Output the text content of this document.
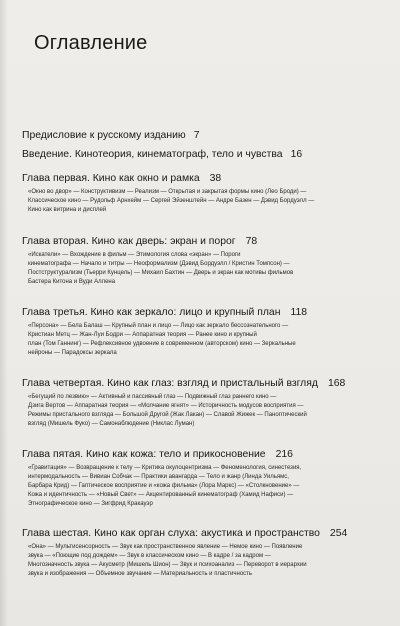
Оглавление
Предисловие к русскому изданию 7
Введение. Кинотеория, кинематограф, тело и чувства 16
Глава первая. Кино как окно и рамка 38
«Окно во двор» — Конструктивизм — Реализм — Открытая и закрытая формы кино (Лео Броди) —
Классическое кино — Рудольф Арнхейм — Сергей Эйзенштейн — Андре Базен — Дэвид Бордуэлл —
Кино как витрина и дисплей
Глава вторая. Кино как дверь: экран и порог 78
«Искатели» — Вхождение в фильм — Этимология слова «экран» — Пороги
кинематографа — Начало и титры — Неоформализм (Дэвид Бордуэлл / Кристин Томпсон) —
Постструктурализм (Тьерри Кунцель) — Михаил Бахтин — Дверь и экран как мотивы фильмов
Бастера Китона и Вуди Аллена
Глава третья. Кино как зеркало: лицо и крупный план 118
«Персона» — Бела Балаш — Крупный план и лицо — Лицо как зеркало бессознательного —
Кристиан Метц — Жан-Луи Бодри — Аппаратная теория — Ранее кино и крупный
план (Том Ганнинг) — Рефлексивное удвоение в современном (авторском) кино — Зеркальные
нейроны — Парадоксы зеркала
Глава четвертая. Кино как глаз: взгляд и пристальный взгляд 168
«Бегущий по лезвию» — Активный и пассивный глаз — Подвижный глаз раннего кино —
Дзига Вертов — Аппаратная теория — «Молчание ягнят» — Историчность модусов восприятия —
Режимы пристального взгляда — Большой Другой (Жак Лакан) — Славой Жижек — Паноптический
взгляд (Мишель Фуко) — Самонаблюдение (Никлас Луман)
Глава пятая. Кино как кожа: тело и прикосновение 216
«Гравитация» — Возвращение к телу — Критика окулоцентризма — Феноменология, синестезия,
интермодальность — Вивиан Собчак — Практики авангарда — Тело и жанр (Линда Уильямс,
Барбара Крид) — Гаптическое восприятие и «кожа фильма» (Лора Маркс) — «Столкновение» —
Кожа и идентичность — «Новый Свет» — Акцентированный кинематограф (Хамид Нафиси) —
Этнографическое кино — Зигфрид Кракауэр
Глава шестая. Кино как орган слуха: акустика и пространство 254
«Она» — Мультисенсорность — Звук как пространственное явление — Немое кино — Появление
звука — «Поющие под дождем» — Звук в классическом кино — В кадре / за кадром —
Многозначность звука — Акусметр (Мишель Шион) — Звук и психоанализ — Переворот в иерархии
звука и изображения — Объемное звучание — Материальность и пластичность
